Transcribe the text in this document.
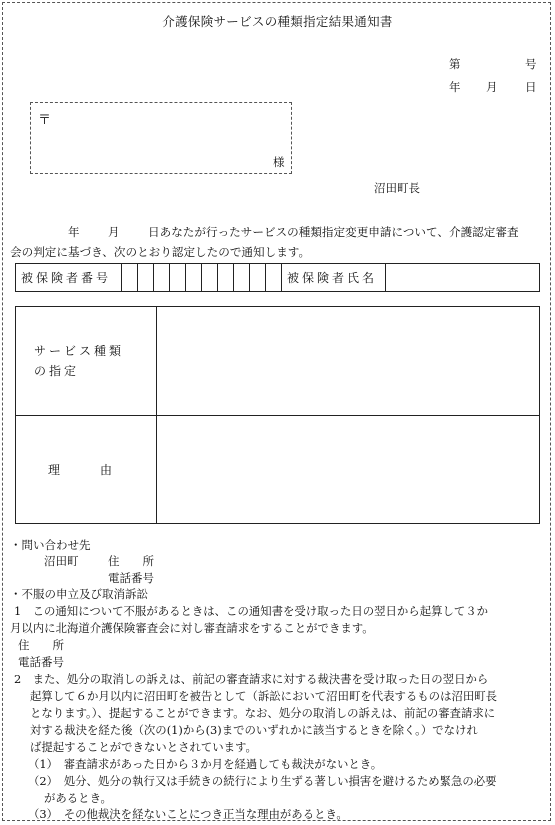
介護保険サービスの種類指定結果通知書
第	号
年 月 日
〒
様
沼田町長
年 月 日あなたが行ったサービスの種類指定変更申請について、介護認定審査
会の判定に基づき、次のとおり認定したので通知します。
被保険者番号											被保険者氏名	
サービス種類
の指定	

理 由	
・問い合わせ先
沼田町	住　　所
電話番号
・不服の申立及び取消訴訟
1　この通知について不服があるときは、この通知書を受け取った日の翌日から起算して３か
月以内に北海道介護保険審査会に対し審査請求をすることができます。
住　　所
電話番号
2　また、処分の取消しの訴えは、前記の審査請求に対する裁決書を受け取った日の翌日から
起算して６か月以内に沼田町を被告として（訴訟において沼田町を代表するものは沼田町長
となります。）、提起することができます。なお、処分の取消しの訴えは、前記の審査請求に
対する裁決を経た後（次の(1)から(3)までのいずれかに該当するときを除く。）でなけれ
ば提起することができないとされています。
（1）　審査請求があった日から３か月を経過しても裁決がないとき。
（2）　処分、処分の執行又は手続きの続行により生ずる著しい損害を避けるため緊急の必要
があるとき。
（3）　その他裁決を経ないことにつき正当な理由があるとき。
